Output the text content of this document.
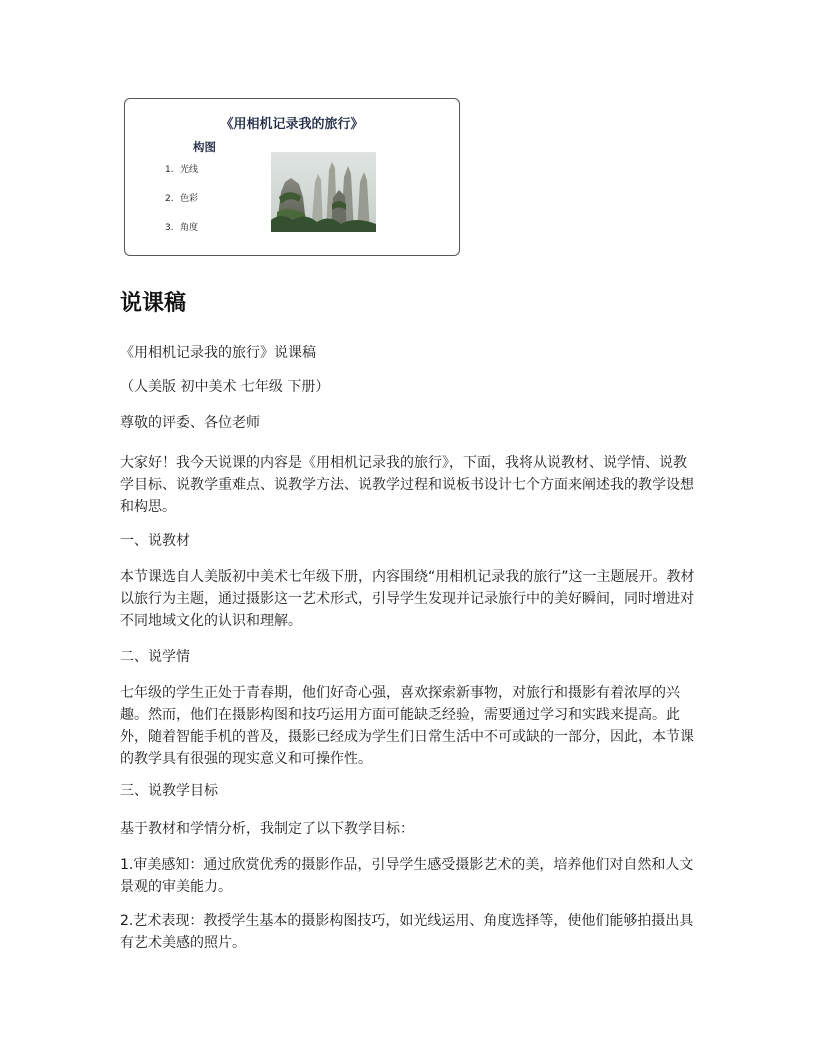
《用相机记录我的旅行》
构图
1. 光线
2. 色彩
3. 角度
说课稿

《用相机记录我的旅行》说课稿

（人美版 初中美术 七年级 下册）

尊敬的评委、各位老师

大家好！我今天说课的内容是《用相机记录我的旅行》，下面，我将从说教材、说学情、说教学目标、说教学重难点、说教学方法、说教学过程和说板书设计七个方面来阐述我的教学设想和构思。

一、说教材

本节课选自人美版初中美术七年级下册，内容围绕“用相机记录我的旅行”这一主题展开。教材以旅行为主题，通过摄影这一艺术形式，引导学生发现并记录旅行中的美好瞬间，同时增进对不同地域文化的认识和理解。

二、说学情

七年级的学生正处于青春期，他们好奇心强，喜欢探索新事物，对旅行和摄影有着浓厚的兴趣。然而，他们在摄影构图和技巧运用方面可能缺乏经验，需要通过学习和实践来提高。此外，随着智能手机的普及，摄影已经成为学生们日常生活中不可或缺的一部分，因此，本节课的教学具有很强的现实意义和可操作性。

三、说教学目标

基于教材和学情分析，我制定了以下教学目标：

1.审美感知：通过欣赏优秀的摄影作品，引导学生感受摄影艺术的美，培养他们对自然和人文景观的审美能力。

2.艺术表现：教授学生基本的摄影构图技巧，如光线运用、角度选择等，使他们能够拍摄出具有艺术美感的照片。
